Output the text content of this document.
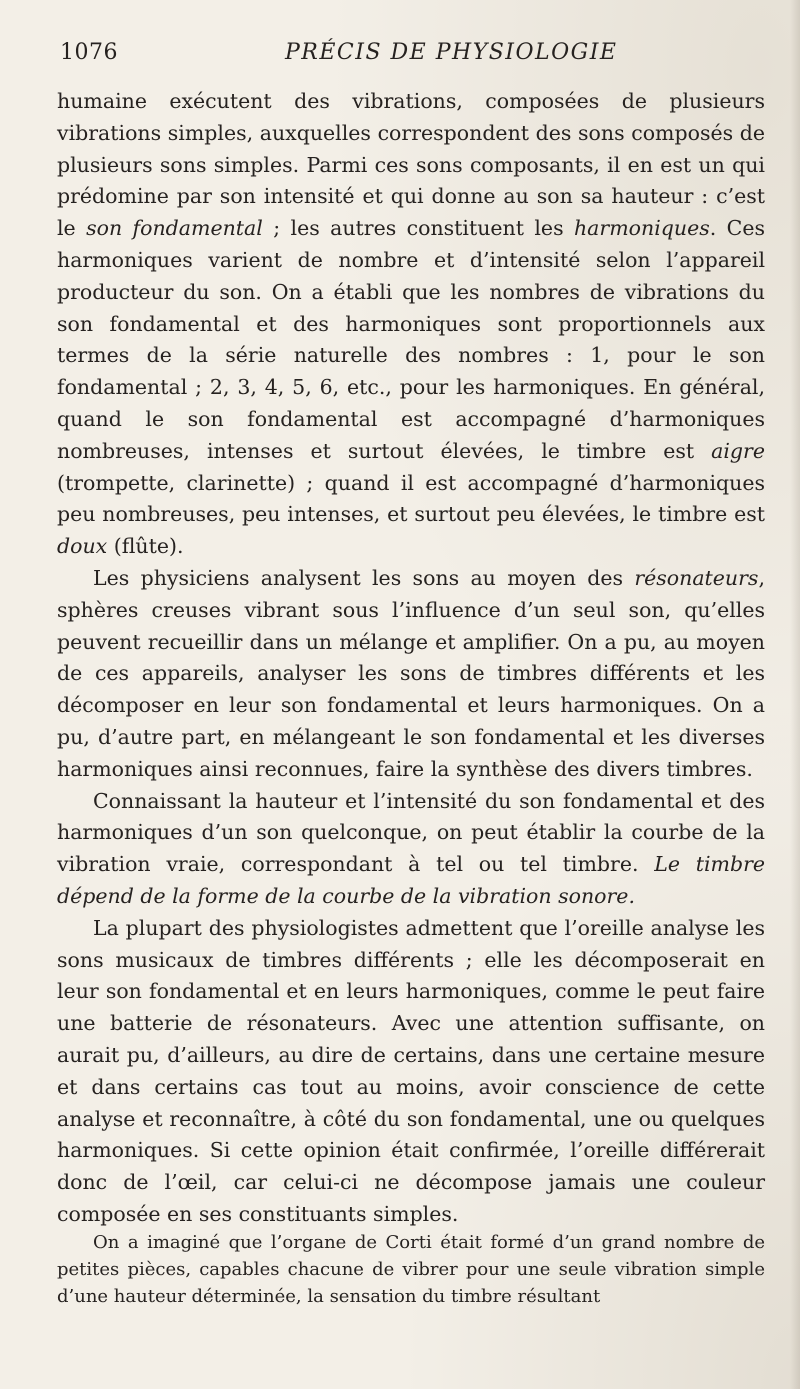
1076	PRÉCIS DE PHYSIOLOGIE

humaine exécutent des vibrations, composées de plusieurs vibrations simples, auxquelles correspondent des sons composés de plusieurs sons simples. Parmi ces sons composants, il en est un qui prédomine par son intensité et qui donne au son sa hauteur : c’est le son fondamental ; les autres constituent les harmoniques. Ces harmoniques varient de nombre et d’intensité selon l’appareil producteur du son. On a établi que les nombres de vibrations du son fondamental et des harmoniques sont proportionnels aux termes de la série naturelle des nombres : 1, pour le son fondamental ; 2, 3, 4, 5, 6, etc., pour les harmoniques. En général, quand le son fondamental est accompagné d’harmoniques nombreuses, intenses et surtout élevées, le timbre est aigre (trompette, clarinette) ; quand il est accompagné d’harmoniques peu nombreuses, peu intenses, et surtout peu élevées, le timbre est doux (flûte).

Les physiciens analysent les sons au moyen des résonateurs, sphères creuses vibrant sous l’influence d’un seul son, qu’elles peuvent recueillir dans un mélange et amplifier. On a pu, au moyen de ces appareils, analyser les sons de timbres différents et les décomposer en leur son fondamental et leurs harmoniques. On a pu, d’autre part, en mélangeant le son fondamental et les diverses harmoniques ainsi reconnues, faire la synthèse des divers timbres.

Connaissant la hauteur et l’intensité du son fondamental et des harmoniques d’un son quelconque, on peut établir la courbe de la vibration vraie, correspondant à tel ou tel timbre. Le timbre dépend de la forme de la courbe de la vibration sonore.

La plupart des physiologistes admettent que l’oreille analyse les sons musicaux de timbres différents ; elle les décomposerait en leur son fondamental et en leurs harmoniques, comme le peut faire une batterie de résonateurs. Avec une attention suffisante, on aurait pu, d’ailleurs, au dire de certains, dans une certaine mesure et dans certains cas tout au moins, avoir conscience de cette analyse et reconnaître, à côté du son fondamental, une ou quelques harmoniques. Si cette opinion était confirmée, l’oreille différerait donc de l’œil, car celui-ci ne décompose jamais une couleur composée en ses constituants simples.

On a imaginé que l’organe de Corti était formé d’un grand nombre de petites pièces, capables chacune de vibrer pour une seule vibration simple d’une hauteur déterminée, la sensation du timbre résultant
